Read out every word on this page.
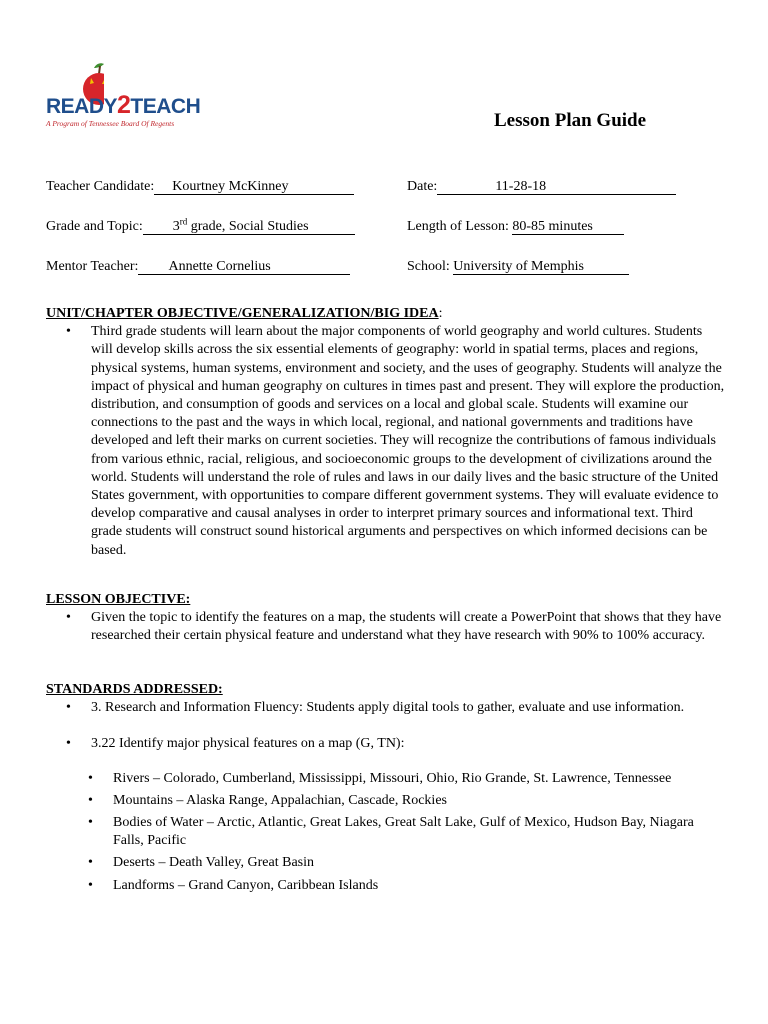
READY2TEACH
A Program of Tennessee Board Of Regents	Lesson Plan Guide
Teacher Candidate: Kourtney McKinney	Date:	11-28-18
Grade and Topic: 3rd grade, Social Studies	Length of Lesson: 80-85 minutes
Mentor Teacher: Annette Cornelius	School: University of Memphis
UNIT/CHAPTER OBJECTIVE/GENERALIZATION/BIG IDEA:
• Third grade students will learn about the major components of world geography and world cultures. Students will develop skills across the six essential elements of geography: world in spatial terms, places and regions, physical systems, human systems, environment and society, and the uses of geography. Students will analyze the impact of physical and human geography on cultures in times past and present. They will explore the production, distribution, and consumption of goods and services on a local and global scale. Students will examine our connections to the past and the ways in which local, regional, and national governments and traditions have developed and left their marks on current societies. They will recognize the contributions of famous individuals from various ethnic, racial, religious, and socioeconomic groups to the development of civilizations around the world. Students will understand the role of rules and laws in our daily lives and the basic structure of the United States government, with opportunities to compare different government systems. They will evaluate evidence to develop comparative and causal analyses in order to interpret primary sources and informational text. Third grade students will construct sound historical arguments and perspectives on which informed decisions can be based.
LESSON OBJECTIVE:
• Given the topic to identify the features on a map, the students will create a PowerPoint that shows that they have researched their certain physical feature and understand what they have research with 90% to 100% accuracy.
STANDARDS ADDRESSED:
• 3. Research and Information Fluency: Students apply digital tools to gather, evaluate and use information.
• 3.22 Identify major physical features on a map (G, TN):
• Rivers – Colorado, Cumberland, Mississippi, Missouri, Ohio, Rio Grande, St. Lawrence, Tennessee
• Mountains – Alaska Range, Appalachian, Cascade, Rockies
• Bodies of Water – Arctic, Atlantic, Great Lakes, Great Salt Lake, Gulf of Mexico, Hudson Bay, Niagara Falls, Pacific
• Deserts – Death Valley, Great Basin
• Landforms – Grand Canyon, Caribbean Islands
